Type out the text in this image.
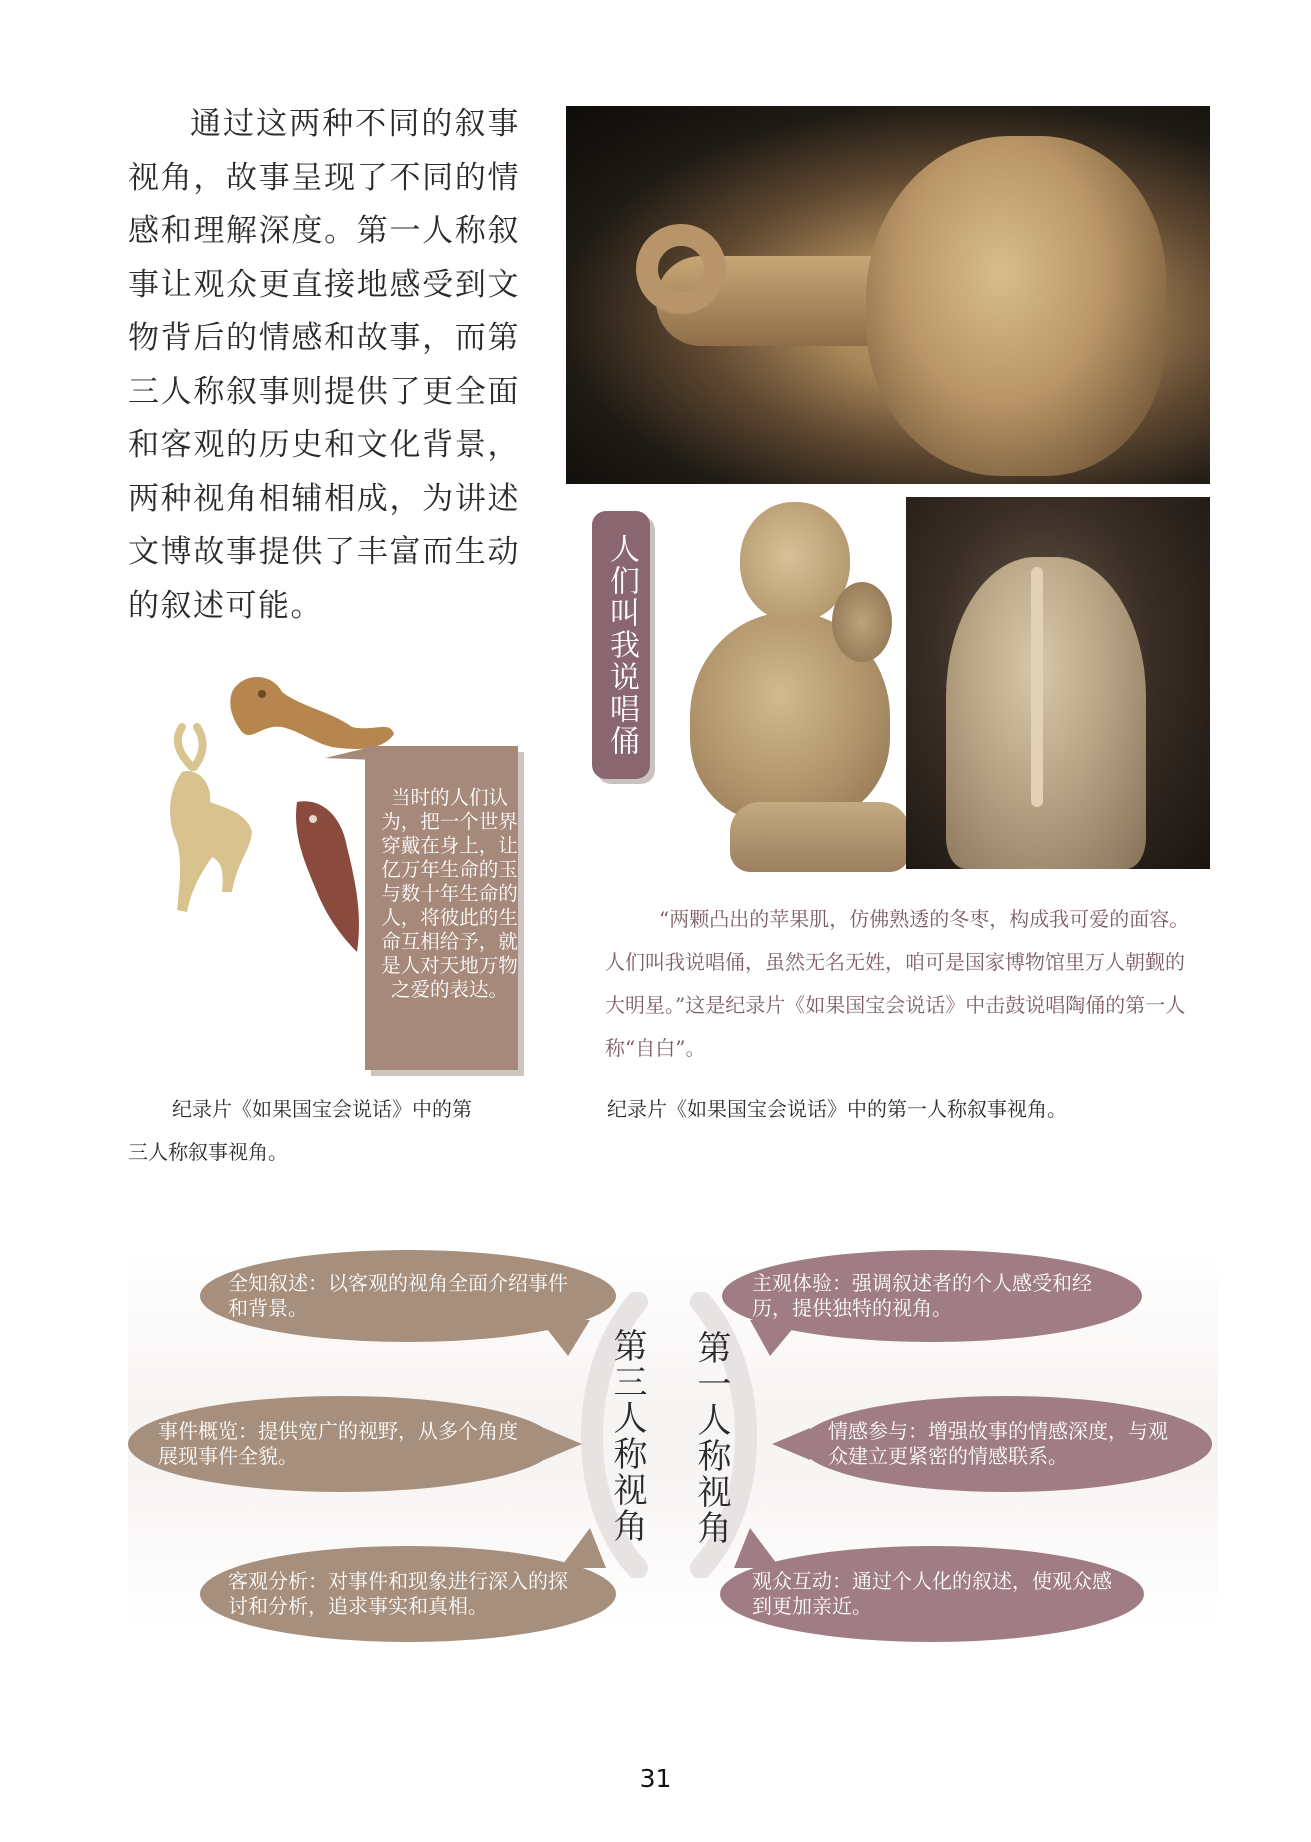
通过这两种不同的叙事视角，故事呈现了不同的情感和理解深度。第一人称叙事让观众更直接地感受到文物背后的情感和故事，而第三人称叙事则提供了更全面和客观的历史和文化背景，两种视角相辅相成，为讲述文博故事提供了丰富而生动的叙述可能。	人们叫我说唱俑

当时的人们认为，把一个世界穿戴在身上，让亿万年生命的玉与数十年生命的人，将彼此的生命互相给予，就是人对天地万物之爱的表达。

“两颗凸出的苹果肌，仿佛熟透的冬枣，构成我可爱的面容。人们叫我说唱俑，虽然无名无姓，咱可是国家博物馆里万人朝觐的大明星。”这是纪录片《如果国宝会说话》中击鼓说唱陶俑的第一人称“自白”。

纪录片《如果国宝会说话》中的第

三人称叙事视角。

纪录片《如果国宝会说话》中的第一人称叙事视角。

第三人称视角 第一人称视角

全知叙述：以客观的视角全面介绍事件和背景。

事件概览：提供宽广的视野，从多个角度展现事件全貌。

客观分析：对事件和现象进行深入的探讨和分析，追求事实和真相。

主观体验：强调叙述者的个人感受和经历，提供独特的视角。

情感参与：增强故事的情感深度，与观众建立更紧密的情感联系。

观众互动：通过个人化的叙述，使观众感到更加亲近。

31
